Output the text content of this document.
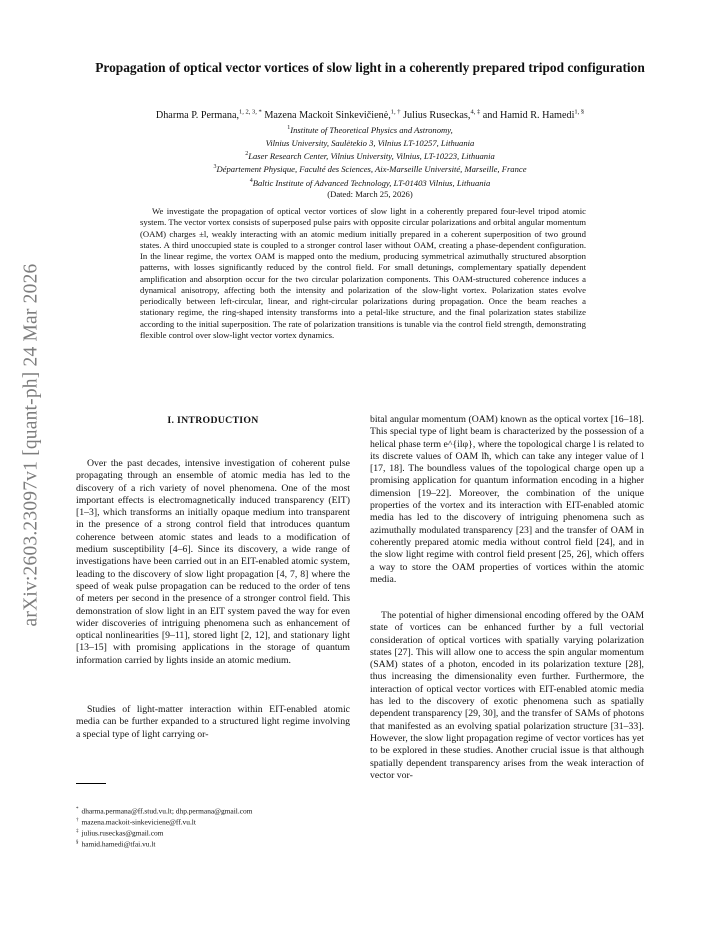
arXiv:2603.23097v1 [quant-ph] 24 Mar 2026
Propagation of optical vector vortices of slow light in a coherently prepared tripod configuration
Dharma P. Permana,$^{1, 2, 3, *}$ Mazena Mackoit Sinkevičienė,$^{1, \dagger}$ Julius Ruseckas,$^{4, \ddagger}$ and Hamid R. Hamedi$^{1, \S}$
$^1$Institute of Theoretical Physics and Astronomy,
Vilnius University, Saulėtekio 3, Vilnius LT-10257, Lithuania
$^2$Laser Research Center, Vilnius University, Vilnius, LT-10223, Lithuania
$^3$Département Physique, Faculté des Sciences, Aix-Marseille Université, Marseille, France
$^4$Baltic Institute of Advanced Technology, LT-01403 Vilnius, Lithuania
(Dated: March 25, 2026)

We investigate the propagation of optical vector vortices of slow light in a coherently prepared four-level tripod atomic system. The vector vortex consists of superposed pulse pairs with opposite circular polarizations and orbital angular momentum (OAM) charges ±l, weakly interacting with an atomic medium initially prepared in a coherent superposition of two ground states. A third unoccupied state is coupled to a stronger control laser without OAM, creating a phase-dependent configuration. In the linear regime, the vortex OAM is mapped onto the medium, producing symmetrical azimuthally structured absorption patterns, with losses significantly reduced by the control field. For small detunings, complementary spatially dependent amplification and absorption occur for the two circular polarization components. This OAM-structured coherence induces a dynamical anisotropy, affecting both the intensity and polarization of the slow-light vortex. Polarization states evolve periodically between left-circular, linear, and right-circular polarizations during propagation. Once the beam reaches a stationary regime, the ring-shaped intensity transforms into a petal-like structure, and the final polarization states stabilize according to the initial superposition. The rate of polarization transitions is tunable via the control field strength, demonstrating flexible control over slow-light vector vortex dynamics.

I. INTRODUCTION

Over the past decades, intensive investigation of coherent pulse propagating through an ensemble of atomic media has led to the discovery of a rich variety of novel phenomena. One of the most important effects is electromagnetically induced transparency (EIT) [1–3], which transforms an initially opaque medium into transparent in the presence of a strong control field that introduces quantum coherence between atomic states and leads to a modification of medium susceptibility [4–6]. Since its discovery, a wide range of investigations have been carried out in an EIT-enabled atomic system, leading to the discovery of slow light propagation [4, 7, 8] where the speed of weak pulse propagation can be reduced to the order of tens of meters per second in the presence of a stronger control field. This demonstration of slow light in an EIT system paved the way for even wider discoveries of intriguing phenomena such as enhancement of optical nonlinearities [9–11], stored light [2, 12], and stationary light [13–15] with promising applications in the storage of quantum information carried by lights inside an atomic medium.

Studies of light-matter interaction within EIT-enabled atomic media can be further expanded to a structured light regime involving a special type of light carrying or-

bital angular momentum (OAM) known as the optical vortex [16–18]. This special type of light beam is characterized by the possession of a helical phase term e^{ilφ}, where the topological charge l is related to its discrete values of OAM lħ, which can take any integer value of l [17, 18]. The boundless values of the topological charge open up a promising application for quantum information encoding in a higher dimension [19–22]. Moreover, the combination of the unique properties of the vortex and its interaction with EIT-enabled atomic media has led to the discovery of intriguing phenomena such as azimuthally modulated transparency [23] and the transfer of OAM in coherently prepared atomic media without control field [24], and in the slow light regime with control field present [25, 26], which offers a way to store the OAM properties of vortices within the atomic media.

The potential of higher dimensional encoding offered by the OAM state of vortices can be enhanced further by a full vectorial consideration of optical vortices with spatially varying polarization states [27]. This will allow one to access the spin angular momentum (SAM) states of a photon, encoded in its polarization texture [28], thus increasing the dimensionality even further. Furthermore, the interaction of optical vector vortices with EIT-enabled atomic media has led to the discovery of exotic phenomena such as spatially dependent transparency [29, 30], and the transfer of SAMs of photons that manifested as an evolving spatial polarization structure [31–33]. However, the slow light propagation regime of vector vortices has yet to be explored in these studies. Another crucial issue is that although spatially dependent transparency arises from the weak interaction of vector vor-

* dharma.permana@ff.stud.vu.lt; dhp.permana@gmail.com
† mazena.mackoit-sinkeviciene@ff.vu.lt
‡ julius.ruseckas@gmail.com
§ hamid.hamedi@tfai.vu.lt
